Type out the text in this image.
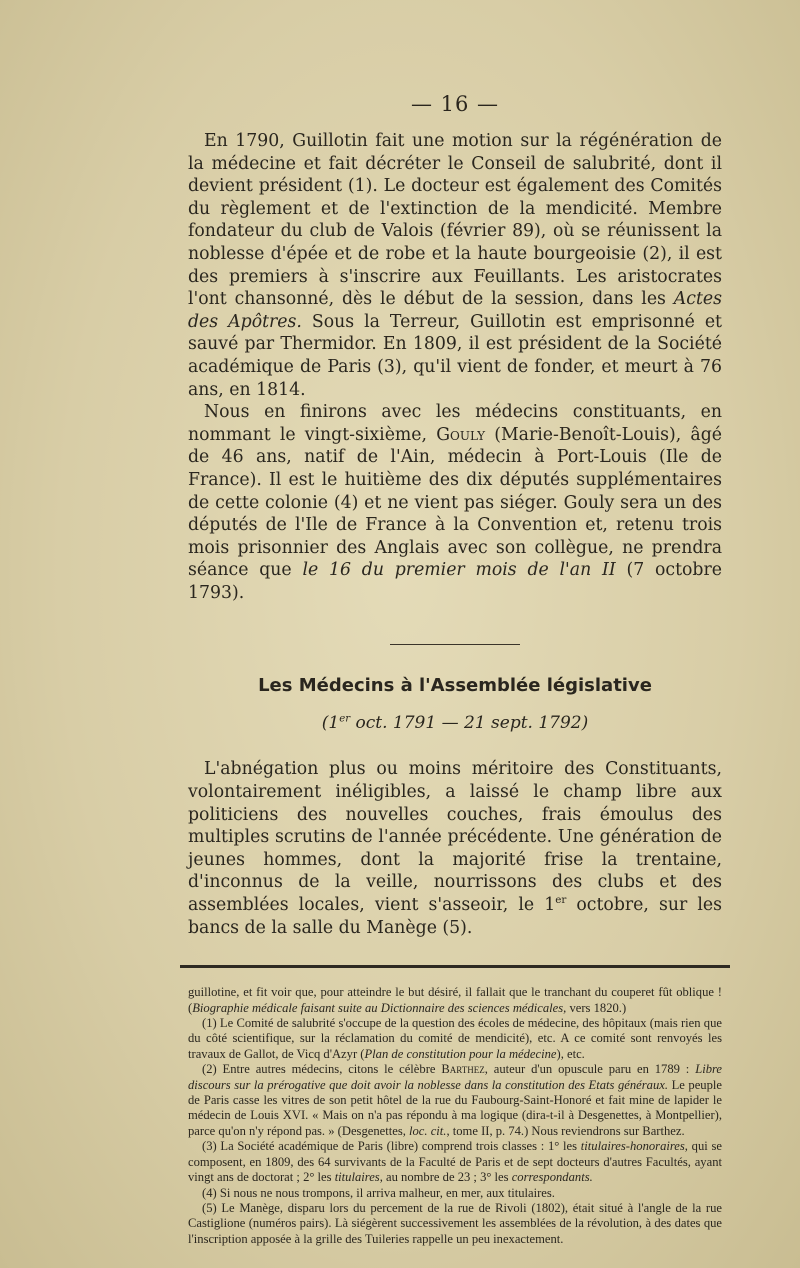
— 16 —

En 1790, Guillotin fait une motion sur la régénération de la médecine et fait décréter le Conseil de salubrité, dont il devient président (1). Le docteur est également des Comités du règlement et de l'extinction de la mendicité. Membre fondateur du club de Valois (février 89), où se réunissent la noblesse d'épée et de robe et la haute bourgeoisie (2), il est des premiers à s'inscrire aux Feuillants. Les aristocrates l'ont chansonné, dès le début de la session, dans les Actes des Apôtres. Sous la Terreur, Guillotin est emprisonné et sauvé par Thermidor. En 1809, il est président de la Société académique de Paris (3), qu'il vient de fonder, et meurt à 76 ans, en 1814.

Nous en finirons avec les médecins constituants, en nommant le vingt-sixième, Gouly (Marie-Benoît-Louis), âgé de 46 ans, natif de l'Ain, médecin à Port-Louis (Ile de France). Il est le huitième des dix députés supplémentaires de cette colonie (4) et ne vient pas siéger. Gouly sera un des députés de l'Ile de France à la Convention et, retenu trois mois prisonnier des Anglais avec son collègue, ne prendra séance que le 16 du premier mois de l'an II (7 octobre 1793).

Les Médecins à l'Assemblée législative
(1er oct. 1791 — 21 sept. 1792)

L'abnégation plus ou moins méritoire des Constituants, volontairement inéligibles, a laissé le champ libre aux politiciens des nouvelles couches, frais émoulus des multiples scrutins de l'année précédente. Une génération de jeunes hommes, dont la majorité frise la trentaine, d'inconnus de la veille, nourrissons des clubs et des assemblées locales, vient s'asseoir, le 1er octobre, sur les bancs de la salle du Manège (5).

guillotine, et fit voir que, pour atteindre le but désiré, il fallait que le tranchant du couperet fût oblique ! (Biographie médicale faisant suite au Dictionnaire des sciences médicales, vers 1820.)

(1) Le Comité de salubrité s'occupe de la question des écoles de médecine, des hôpitaux (mais rien que du côté scientifique, sur la réclamation du comité de mendicité), etc. A ce comité sont renvoyés les travaux de Gallot, de Vicq d'Azyr (Plan de constitution pour la médecine), etc.

(2) Entre autres médecins, citons le célèbre Barthez, auteur d'un opuscule paru en 1789 : Libre discours sur la prérogative que doit avoir la noblesse dans la constitution des Etats généraux. Le peuple de Paris casse les vitres de son petit hôtel de la rue du Faubourg-Saint-Honoré et fait mine de lapider le médecin de Louis XVI. « Mais on n'a pas répondu à ma logique (dira-t-il à Desgenettes, à Montpellier), parce qu'on n'y répond pas. » (Desgenettes, loc. cit., tome II, p. 74.) Nous reviendrons sur Barthez.

(3) La Société académique de Paris (libre) comprend trois classes : 1° les titulaires-honoraires, qui se composent, en 1809, des 64 survivants de la Faculté de Paris et de sept docteurs d'autres Facultés, ayant vingt ans de doctorat ; 2° les titulaires, au nombre de 23 ; 3° les correspondants.

(4) Si nous ne nous trompons, il arriva malheur, en mer, aux titulaires.

(5) Le Manège, disparu lors du percement de la rue de Rivoli (1802), était situé à l'angle de la rue Castiglione (numéros pairs). Là siégèrent successivement les assemblées de la révolution, à des dates que l'inscription apposée à la grille des Tuileries rappelle un peu inexactement.
